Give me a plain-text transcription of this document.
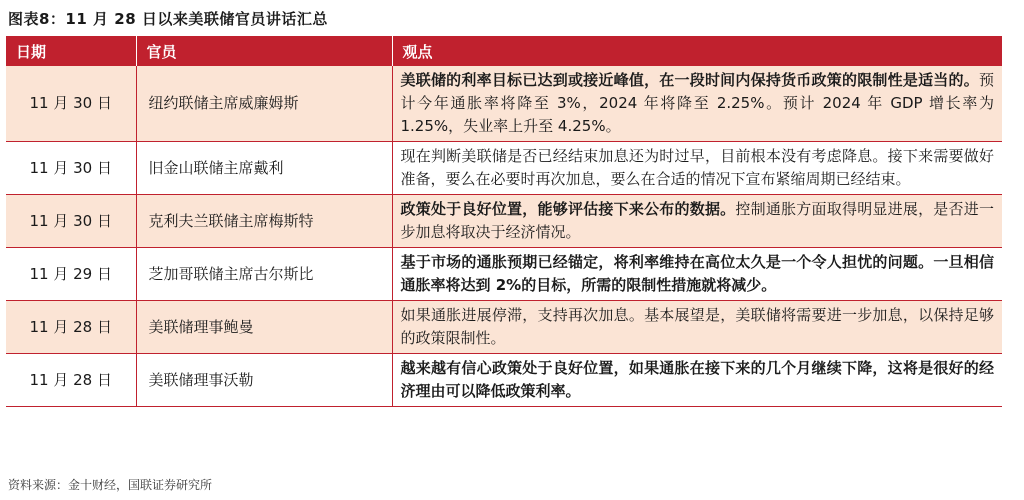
图表8：11 月 28 日以来美联储官员讲话汇总
日期	官员	观点
11 月 30 日	纽约联储主席威廉姆斯	美联储的利率目标已达到或接近峰值，在一段时间内保持货币政策的限制性是适当的。预计今年通胀率将降至 3%，2024 年将降至 2.25%。预计 2024 年 GDP 增长率为 1.25%，失业率上升至 4.25%。
11 月 30 日	旧金山联储主席戴利	现在判断美联储是否已经结束加息还为时过早，目前根本没有考虑降息。接下来需要做好准备，要么在必要时再次加息，要么在合适的情况下宣布紧缩周期已经结束。
11 月 30 日	克利夫兰联储主席梅斯特	政策处于良好位置，能够评估接下来公布的数据。控制通胀方面取得明显进展，是否进一步加息将取决于经济情况。
11 月 29 日	芝加哥联储主席古尔斯比	基于市场的通胀预期已经锚定，将利率维持在高位太久是一个令人担忧的问题。一旦相信通胀率将达到 2%的目标，所需的限制性措施就将减少。
11 月 28 日	美联储理事鲍曼	如果通胀进展停滞，支持再次加息。基本展望是，美联储将需要进一步加息，以保持足够的政策限制性。
11 月 28 日	美联储理事沃勒	越来越有信心政策处于良好位置，如果通胀在接下来的几个月继续下降，这将是很好的经济理由可以降低政策利率。
资料来源：金十财经，国联证券研究所
